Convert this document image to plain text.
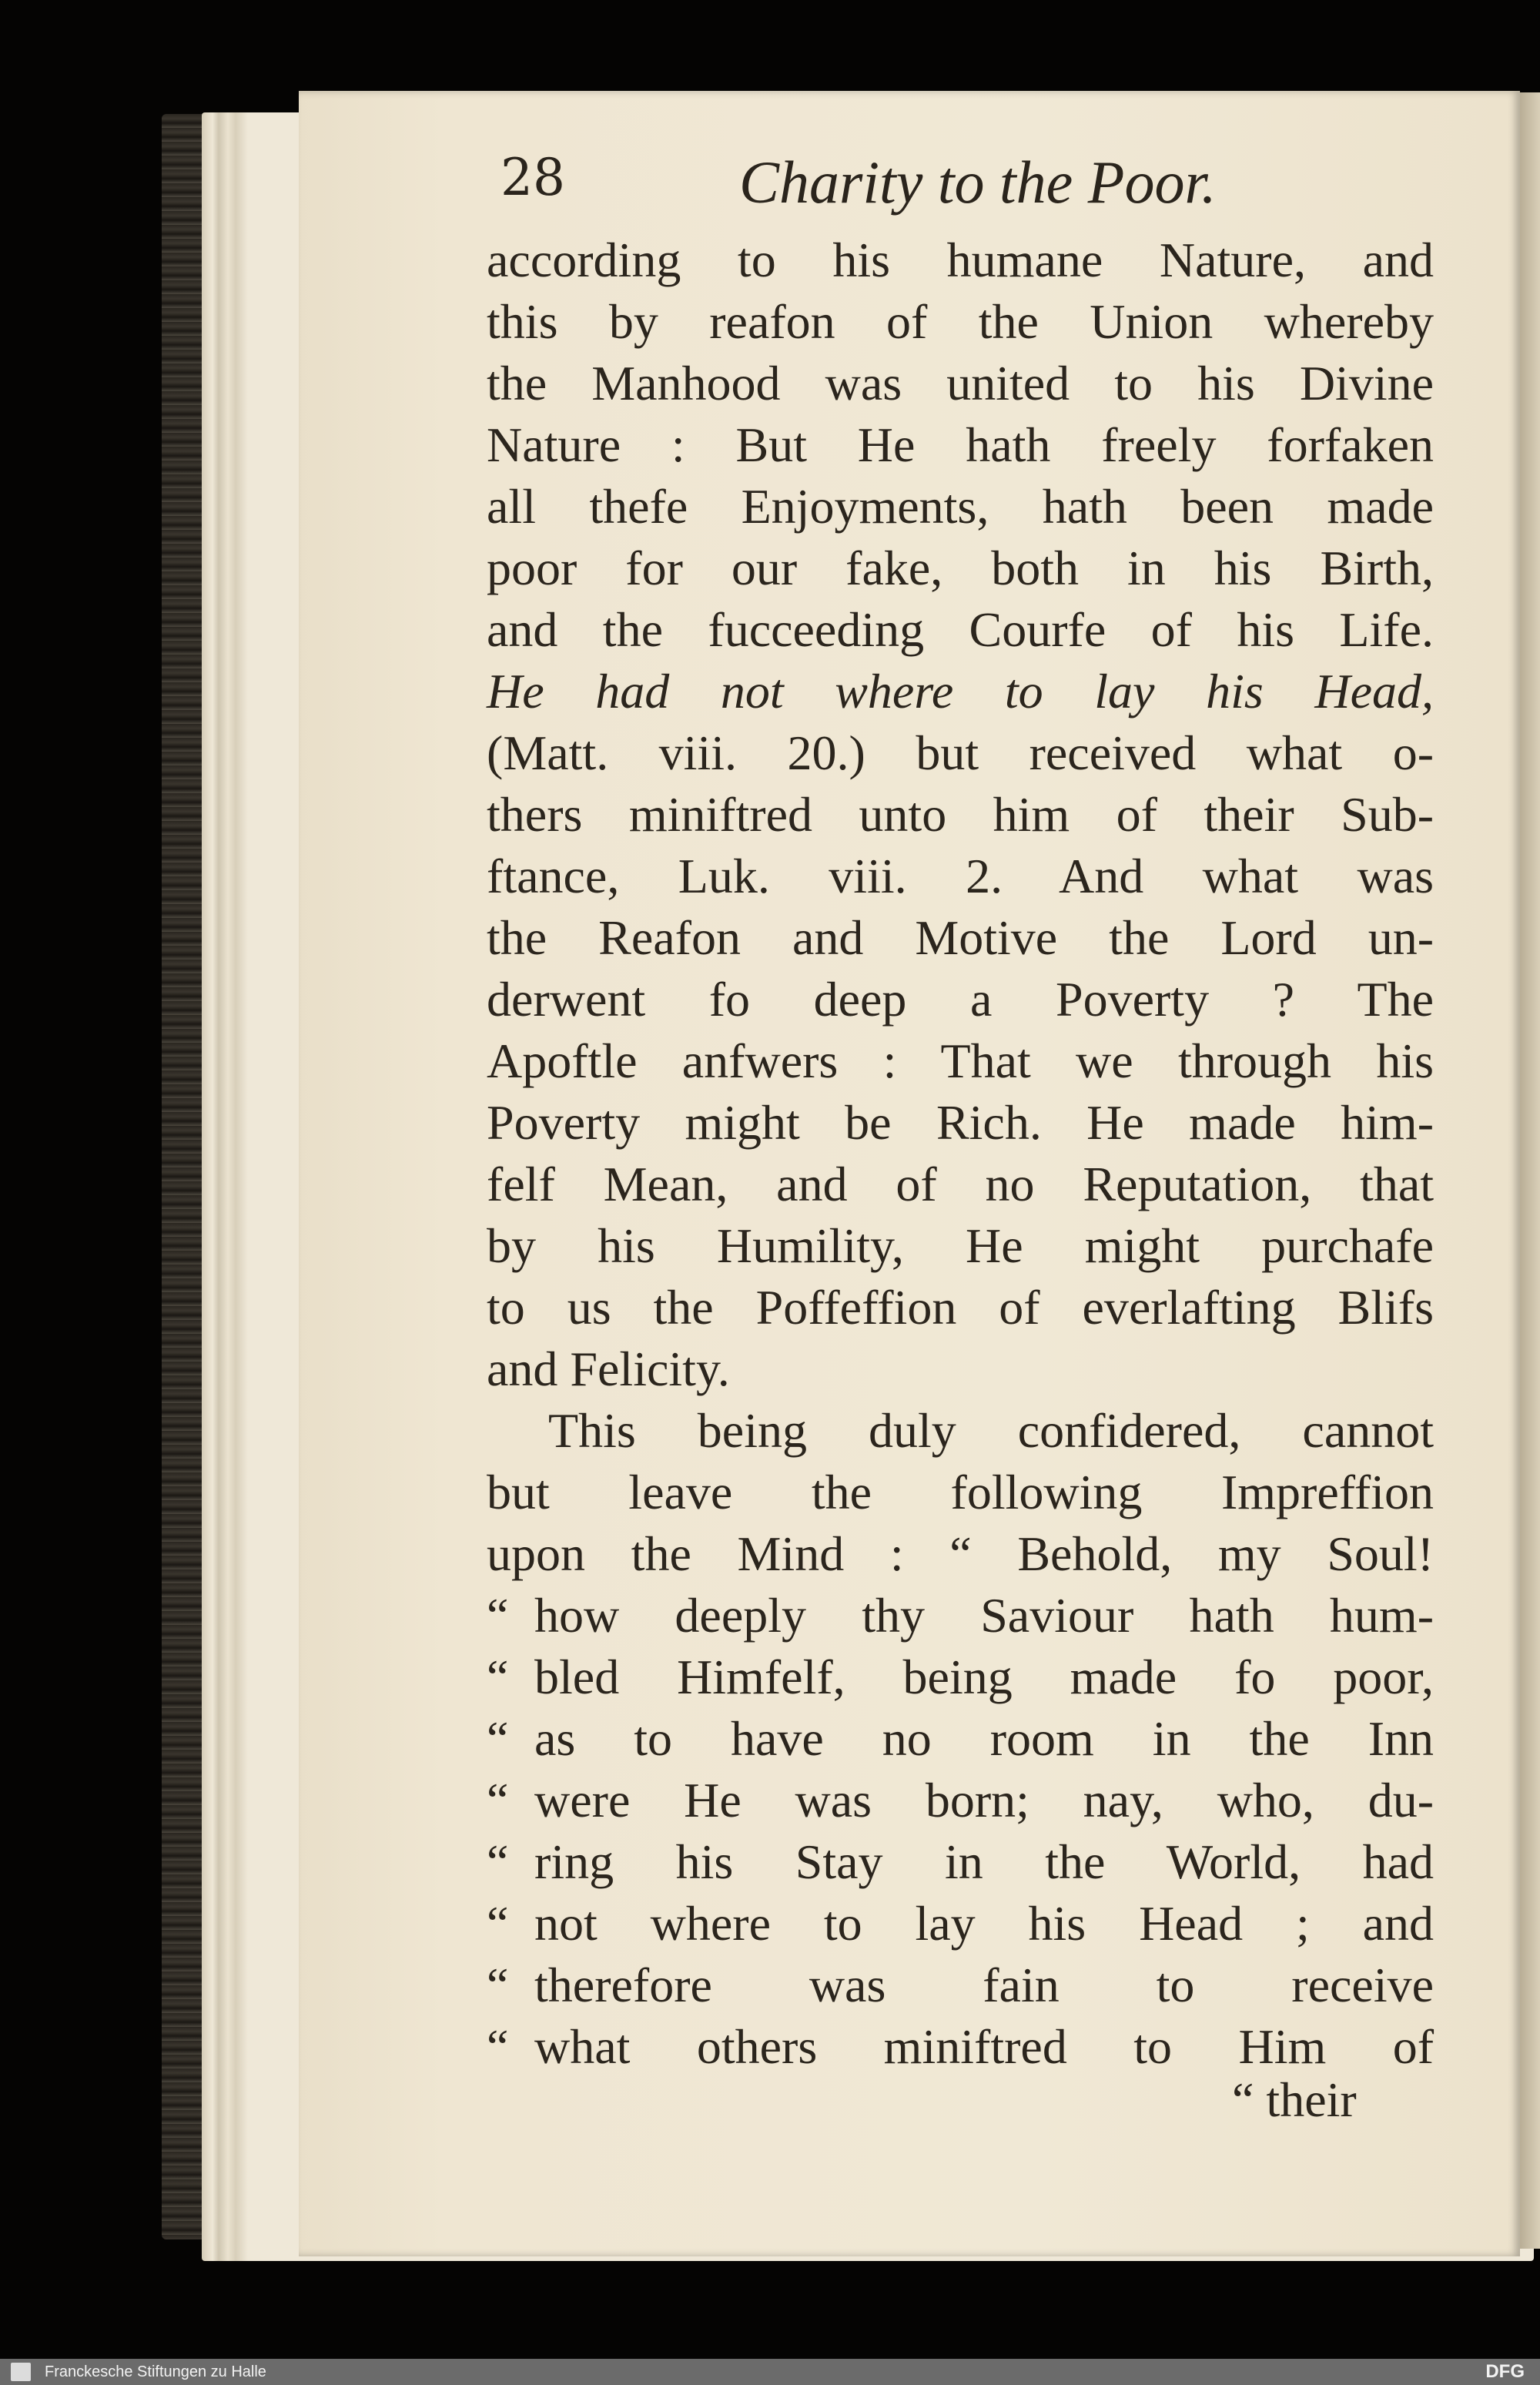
28	Charity to the Poor.
according to his humane Nature, and
this by reafon of the Union whereby
the Manhood was united to his Divine
Nature : But He hath freely forfaken
all thefe Enjoyments, hath been made
poor for our fake, both in his Birth,
and the fucceeding Courfe of his Life.
He had not where to lay his Head,
(Matt. viii. 20.) but received what o-
thers miniftred unto him of their Sub-
ftance, Luk. viii. 2. And what was
the Reafon and Motive the Lord un-
derwent fo deep a Poverty ? The
Apoftle anfwers : That we through his
Poverty might be Rich. He made him-
felf Mean, and of no Reputation, that
by his Humility, He might purchafe
to us the Poffeffion of everlafting Blifs
and Felicity.
This being duly confidered, cannot
but leave the following Impreffion
upon the Mind : “ Behold, my Soul!
“ how deeply thy Saviour hath hum-
“ bled Himfelf, being made fo poor,
“ as to have no room in the Inn
“ were He was born; nay, who, du-
“ ring his Stay in the World, had
“ not where to lay his Head ; and
“ therefore was fain to receive
“ what others miniftred to Him of
“ their
Franckesche Stiftungen zu Halle	DFG
